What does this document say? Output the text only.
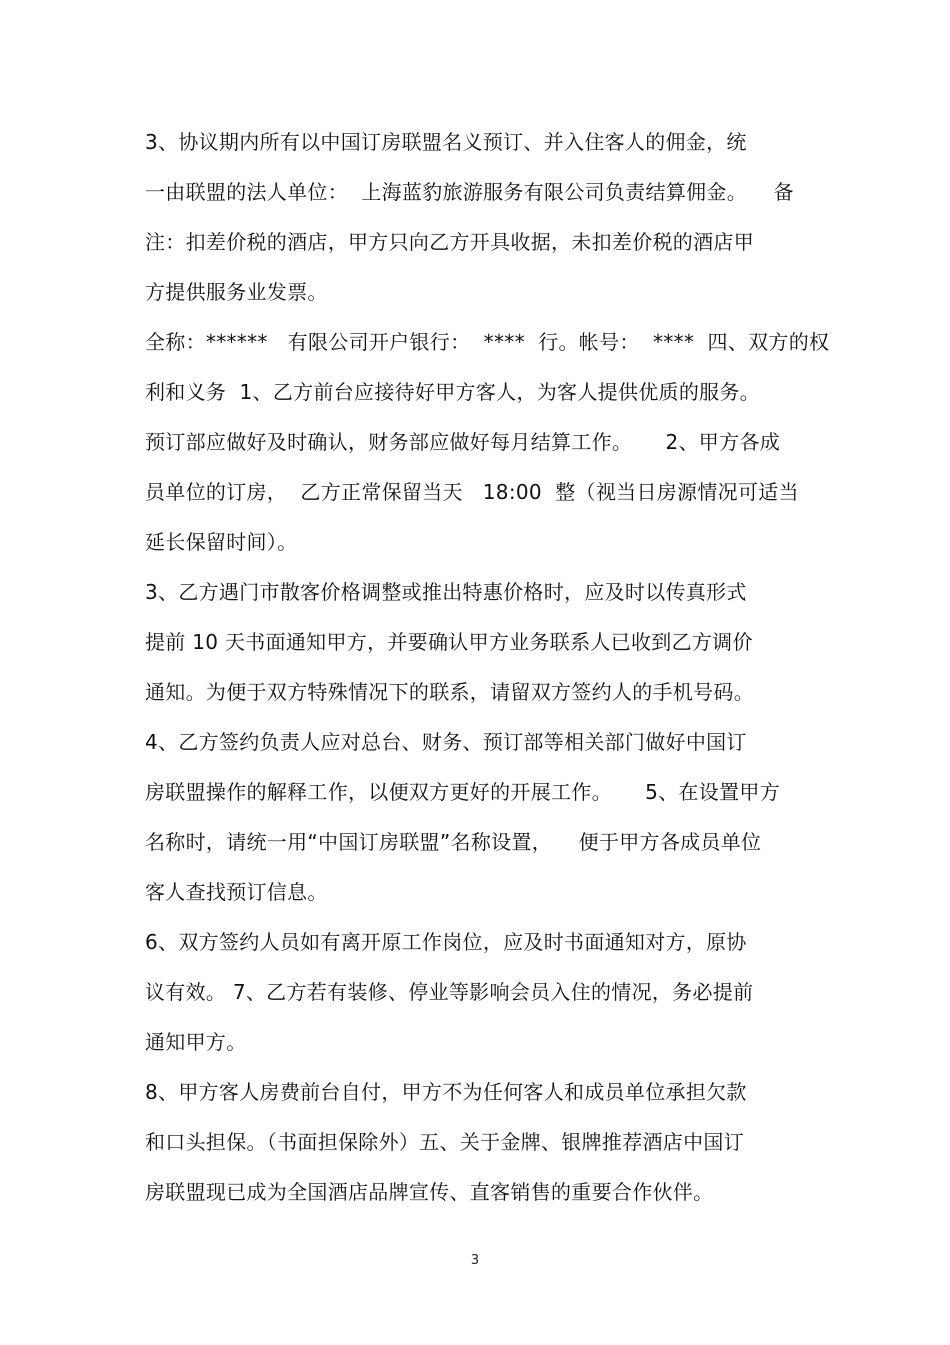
3、协议期内所有以中国订房联盟名义预订、并入住客人的佣金，统

一由联盟的法人单位：  上海蓝豹旅游服务有限公司负责结算佣金。    备

注：扣差价税的酒店，甲方只向乙方开具收据，未扣差价税的酒店甲

方提供服务业发票。

全称：******   有限公司开户银行：  ****  行。帐号：  ****  四、双方的权

利和义务  1、乙方前台应接待好甲方客人，为客人提供优质的服务。

预订部应做好及时确认，财务部应做好每月结算工作。     2、甲方各成

员单位的订房，  乙方正常保留当天   18:00  整（视当日房源情况可适当

延长保留时间）。

3、乙方遇门市散客价格调整或推出特惠价格时，应及时以传真形式

提前 10 天书面通知甲方，并要确认甲方业务联系人已收到乙方调价

通知。为便于双方特殊情况下的联系，请留双方签约人的手机号码。

4、乙方签约负责人应对总台、财务、预订部等相关部门做好中国订

房联盟操作的解释工作，以便双方更好的开展工作。     5、在设置甲方

名称时，请统一用“中国订房联盟”名称设置，    便于甲方各成员单位

客人查找预订信息。

6、双方签约人员如有离开原工作岗位，应及时书面通知对方，原协

议有效。 7、乙方若有装修、停业等影响会员入住的情况，务必提前

通知甲方。

8、甲方客人房费前台自付，甲方不为任何客人和成员单位承担欠款

和口头担保。（书面担保除外）五、关于金牌、银牌推荐酒店中国订

房联盟现已成为全国酒店品牌宣传、直客销售的重要合作伙伴。

3
